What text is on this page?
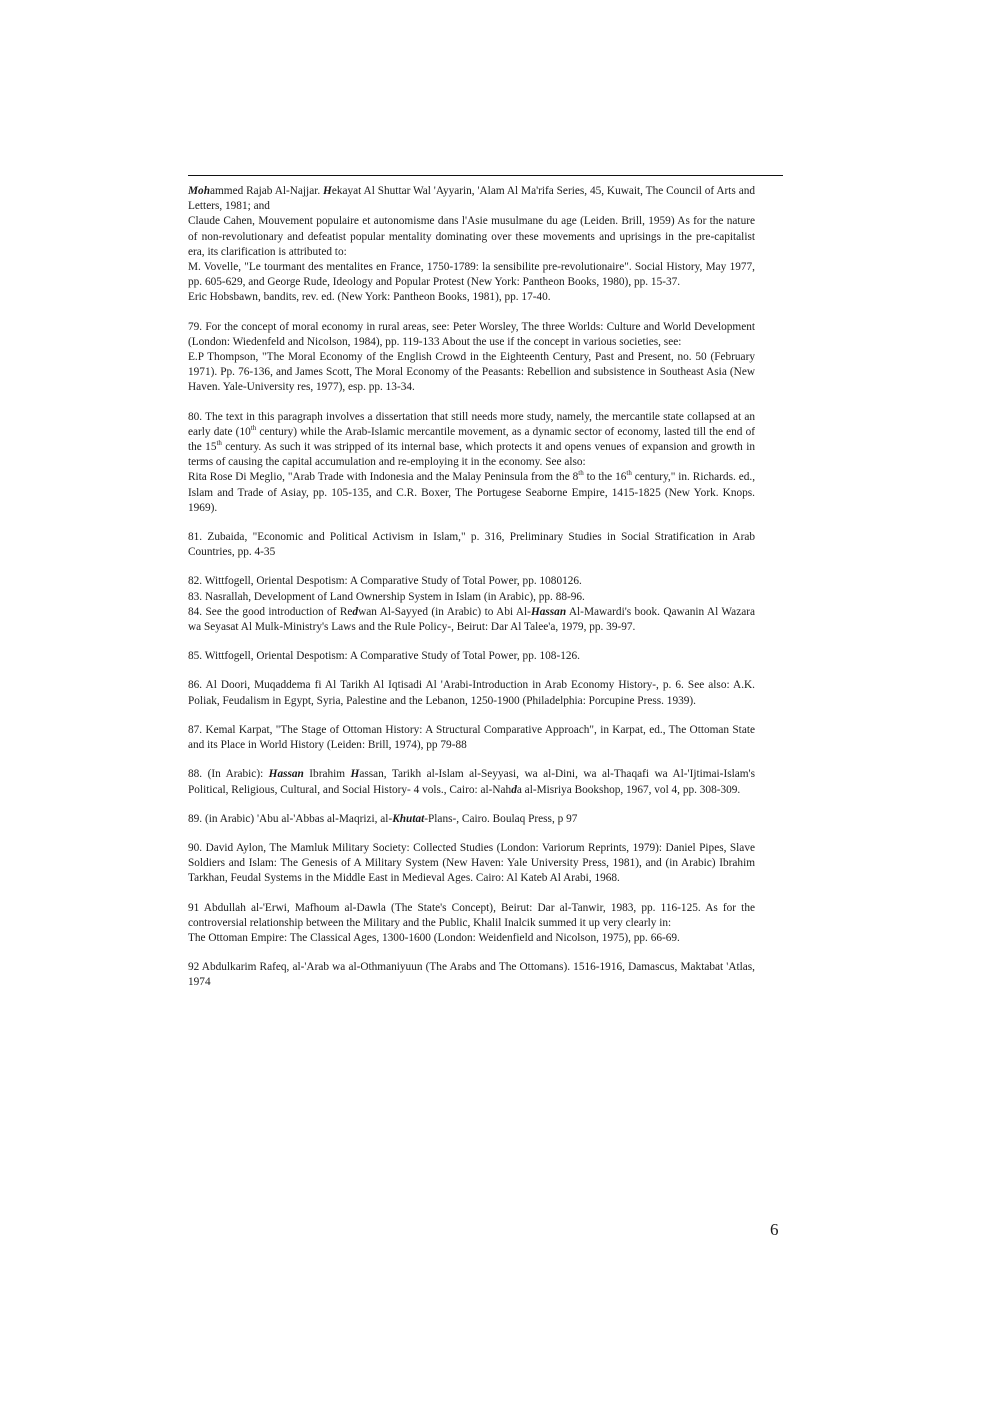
Mohammed Rajab Al-Najjar. Hekayat Al Shuttar Wal 'Ayyarin, 'Alam Al Ma'rifa Series, 45, Kuwait, The Council of Arts and Letters, 1981; and

Claude Cahen, Mouvement populaire et autonomisme dans l'Asie musulmane du age (Leiden. Brill, 1959) As for the nature of non-revolutionary and defeatist popular mentality dominating over these movements and uprisings in the pre-capitalist era, its clarification is attributed to:

M. Vovelle, "Le tourmant des mentalites en France, 1750-1789: la sensibilite pre-revolutionaire". Social History, May 1977, pp. 605-629, and George Rude, Ideology and Popular Protest (New York: Pantheon Books, 1980), pp. 15-37.

Eric Hobsbawn, bandits, rev. ed. (New York: Pantheon Books, 1981), pp. 17-40.

79. For the concept of moral economy in rural areas, see: Peter Worsley, The three Worlds: Culture and World Development (London: Wiedenfeld and Nicolson, 1984), pp. 119-133 About the use if the concept in various societies, see:

E.P Thompson, "The Moral Economy of the English Crowd in the Eighteenth Century, Past and Present, no. 50 (February 1971). Pp. 76-136, and James Scott, The Moral Economy of the Peasants: Rebellion and subsistence in Southeast Asia (New Haven. Yale-University res, 1977), esp. pp. 13-34.

80. The text in this paragraph involves a dissertation that still needs more study, namely, the mercantile state collapsed at an early date (10th century) while the Arab-Islamic mercantile movement, as a dynamic sector of economy, lasted till the end of the 15th century. As such it was stripped of its internal base, which protects it and opens venues of expansion and growth in terms of causing the capital accumulation and re-employing it in the economy. See also:

Rita Rose Di Meglio, "Arab Trade with Indonesia and the Malay Peninsula from the 8th to the 16th century," in. Richards. ed., Islam and Trade of Asiay, pp. 105-135, and C.R. Boxer, The Portugese Seaborne Empire, 1415-1825 (New York. Knops. 1969).

81. Zubaida, "Economic and Political Activism in Islam," p. 316, Preliminary Studies in Social Stratification in Arab Countries, pp. 4-35

82. Wittfogell, Oriental Despotism: A Comparative Study of Total Power, pp. 1080126.

83. Nasrallah, Development of Land Ownership System in Islam (in Arabic), pp. 88-96.

84. See the good introduction of Redwan Al-Sayyed (in Arabic) to Abi Al-Hassan Al-Mawardi's book. Qawanin Al Wazara wa Seyasat Al Mulk-Ministry's Laws and the Rule Policy-, Beirut: Dar Al Talee'a, 1979, pp. 39-97.

85. Wittfogell, Oriental Despotism: A Comparative Study of Total Power, pp. 108-126.

86. Al Doori, Muqaddema fi Al Tarikh Al Iqtisadi Al 'Arabi-Introduction in Arab Economy History-, p. 6. See also: A.K. Poliak, Feudalism in Egypt, Syria, Palestine and the Lebanon, 1250-1900 (Philadelphia: Porcupine Press. 1939).

87. Kemal Karpat, "The Stage of Ottoman History: A Structural Comparative Approach", in Karpat, ed., The Ottoman State and its Place in World History (Leiden: Brill, 1974), pp 79-88

88. (In Arabic): Hassan Ibrahim Hassan, Tarikh al-Islam al-Seyyasi, wa al-Dini, wa al-Thaqafi wa Al-'Ijtimai-Islam's Political, Religious, Cultural, and Social History- 4 vols., Cairo: al-Nahda al-Misriya Bookshop, 1967, vol 4, pp. 308-309.

89. (in Arabic) 'Abu al-'Abbas al-Maqrizi, al-Khutat-Plans-, Cairo. Boulaq Press, p 97

90. David Aylon, The Mamluk Military Society: Collected Studies (London: Variorum Reprints, 1979): Daniel Pipes, Slave Soldiers and Islam: The Genesis of A Military System (New Haven: Yale University Press, 1981), and (in Arabic) Ibrahim Tarkhan, Feudal Systems in the Middle East in Medieval Ages. Cairo: Al Kateb Al Arabi, 1968.

91 Abdullah al-'Erwi, Mafhoum al-Dawla (The State's Concept), Beirut: Dar al-Tanwir, 1983, pp. 116-125. As for the controversial relationship between the Military and the Public, Khalil Inalcik summed it up very clearly in:

The Ottoman Empire: The Classical Ages, 1300-1600 (London: Weidenfield and Nicolson, 1975), pp. 66-69.

92 Abdulkarim Rafeq, al-'Arab wa al-Othmaniyuun (The Arabs and The Ottomans). 1516-1916, Damascus, Maktabat 'Atlas, 1974

6
